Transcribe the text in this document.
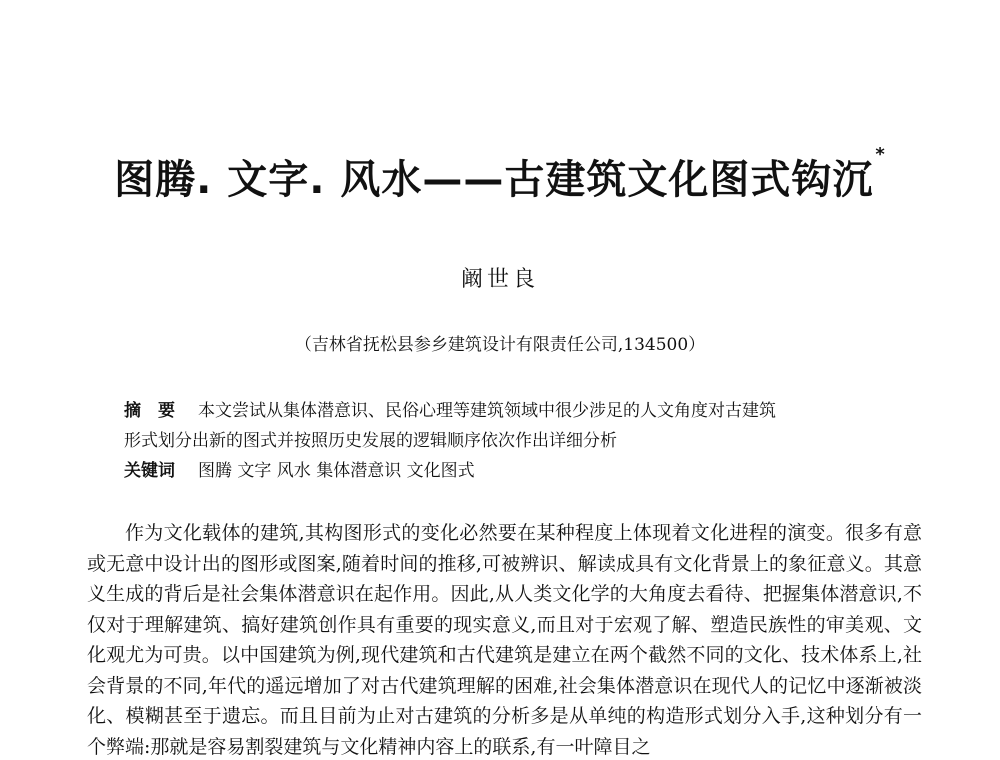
图腾. 文字. 风水——古建筑文化图式钩沉*
阚世良
（吉林省抚松县参乡建筑设计有限责任公司,134500）
摘　要 本文尝试从集体潜意识、民俗心理等建筑领域中很少涉足的人文角度对古建筑
形式划分出新的图式并按照历史发展的逻辑顺序依次作出详细分析
关键词 图腾 文字 风水 集体潜意识 文化图式
作为文化载体的建筑,其构图形式的变化必然要在某种程度上体现着文化进程的演变。很多有意或无意中设计出的图形或图案,随着时间的推移,可被辨识、解读成具有文化背景上的象征意义。其意义生成的背后是社会集体潜意识在起作用。因此,从人类文化学的大角度去看待、把握集体潜意识,不仅对于理解建筑、搞好建筑创作具有重要的现实意义,而且对于宏观了解、塑造民族性的审美观、文化观尤为可贵。以中国建筑为例,现代建筑和古代建筑是建立在两个截然不同的文化、技术体系上,社会背景的不同,年代的遥远增加了对古代建筑理解的困难,社会集体潜意识在现代人的记忆中逐渐被淡化、模糊甚至于遗忘。而且目前为止对古建筑的分析多是从单纯的构造形式划分入手,这种划分有一个弊端:那就是容易割裂建筑与文化精神内容上的联系,有一叶障目之
